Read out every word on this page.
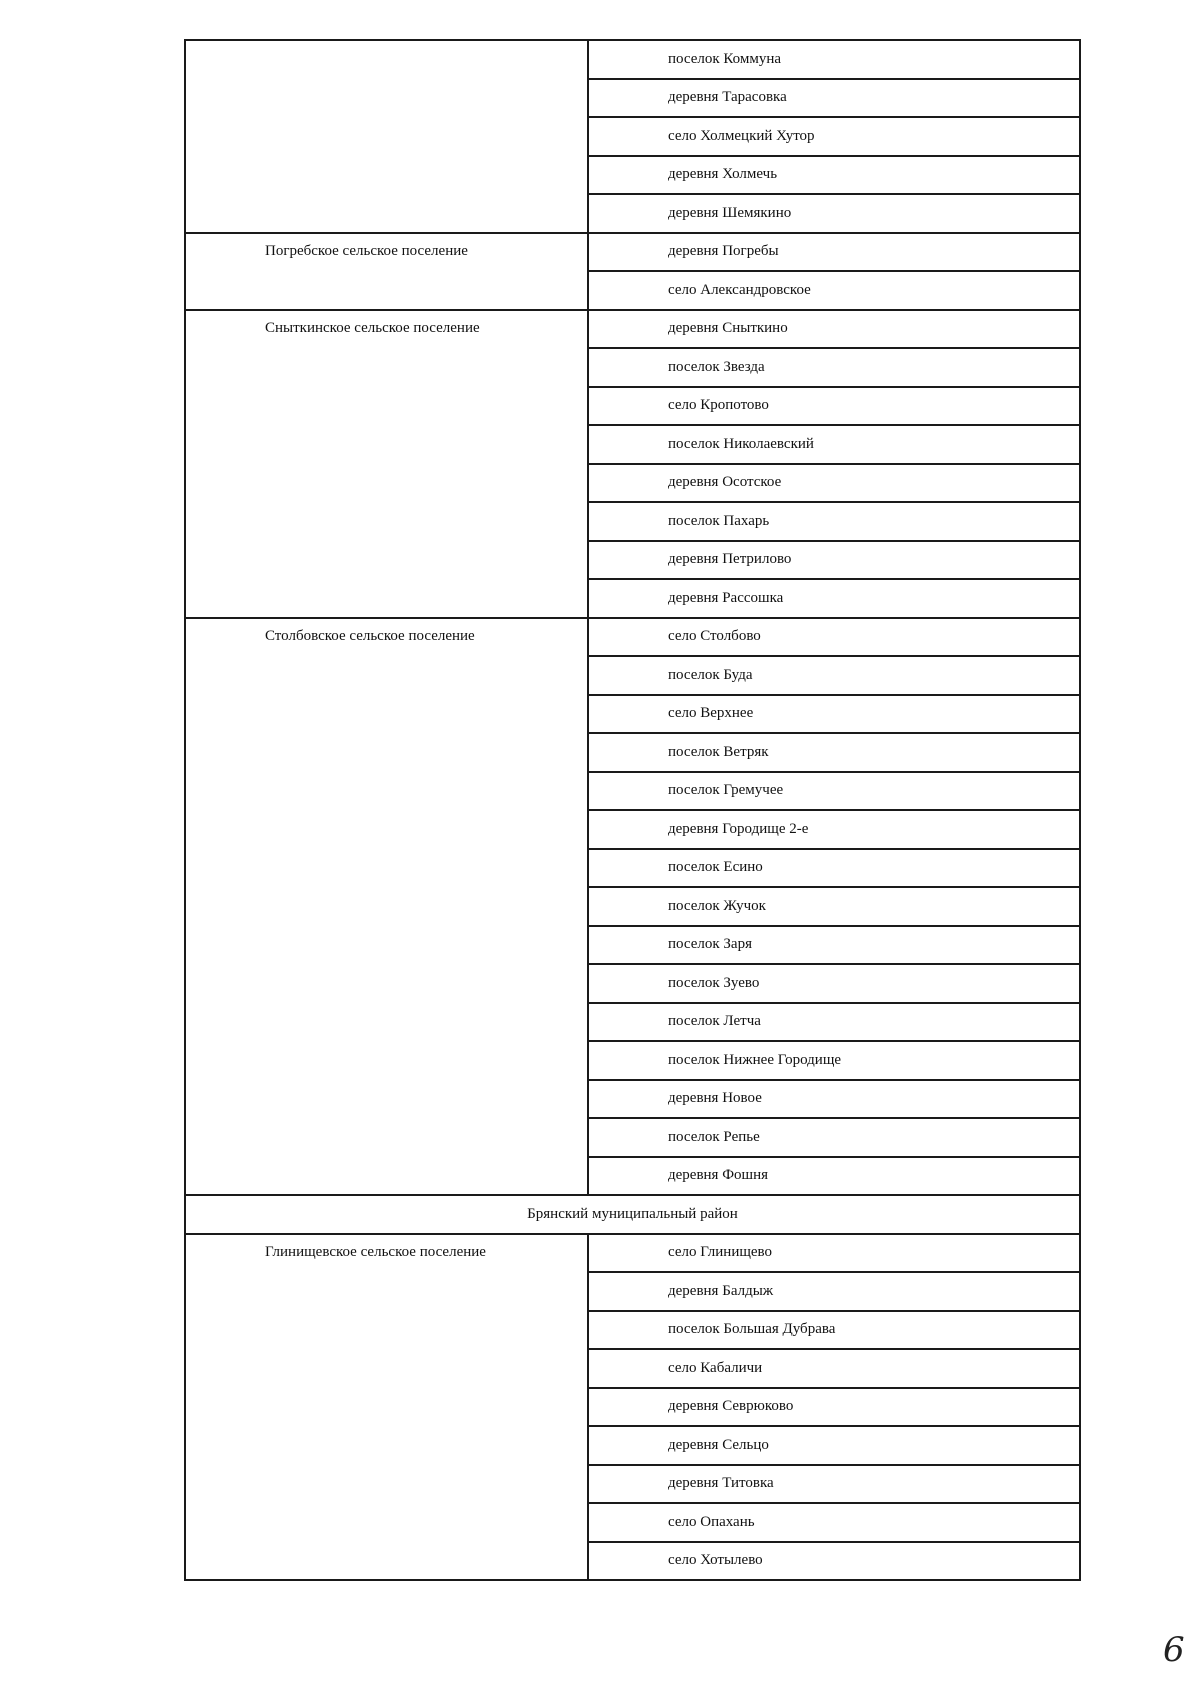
	поселок Коммуна
	деревня Тарасовка
	село Холмецкий Хутор
	деревня Холмечь
	деревня Шемякино
Погребское сельское поселение	деревня Погребы
	село Александровское
Сныткинское сельское поселение	деревня Сныткино
	поселок Звезда
	село Кропотово
	поселок Николаевский
	деревня Осотское
	поселок Пахарь
	деревня Петрилово
	деревня Рассошка
Столбовское сельское поселение	село Столбово
	поселок Буда
	село Верхнее
	поселок Ветряк
	поселок Гремучее
	деревня Городище 2-е
	поселок Есино
	поселок Жучок
	поселок Заря
	поселок Зуево
	поселок Летча
	поселок Нижнее Городище
	деревня Новое
	поселок Репье
	деревня Фошня
Брянский муниципальный район	
Глинищевское сельское поселение	село Глинищево
	деревня Балдыж
	поселок Большая Дубрава
	село Кабаличи
	деревня Севрюково
	деревня Сельцо
	деревня Титовка
	село Опахань
	село Хотылево
6
